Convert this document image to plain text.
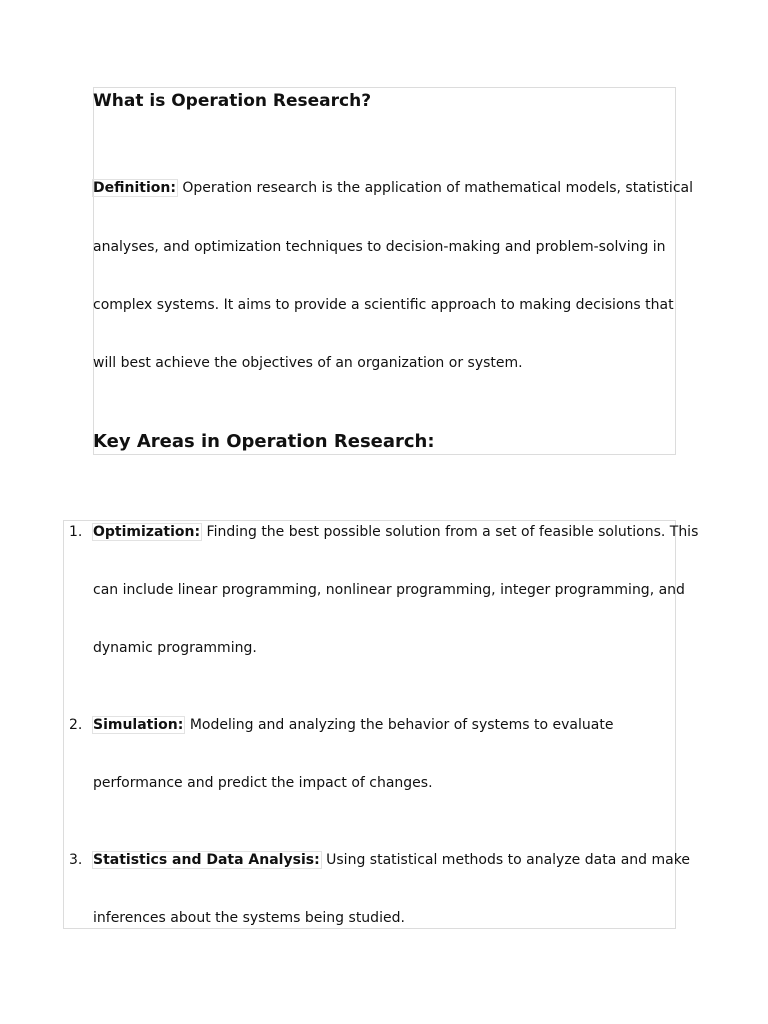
What is Operation Research?
Definition: Operation research is the application of mathematical models, statistical
analyses, and optimization techniques to decision-making and problem-solving in
complex systems. It aims to provide a scientific approach to making decisions that
will best achieve the objectives of an organization or system.
Key Areas in Operation Research:
1. Optimization: Finding the best possible solution from a set of feasible solutions. This
can include linear programming, nonlinear programming, integer programming, and
dynamic programming.
2. Simulation: Modeling and analyzing the behavior of systems to evaluate
performance and predict the impact of changes.
3. Statistics and Data Analysis: Using statistical methods to analyze data and make
inferences about the systems being studied.
